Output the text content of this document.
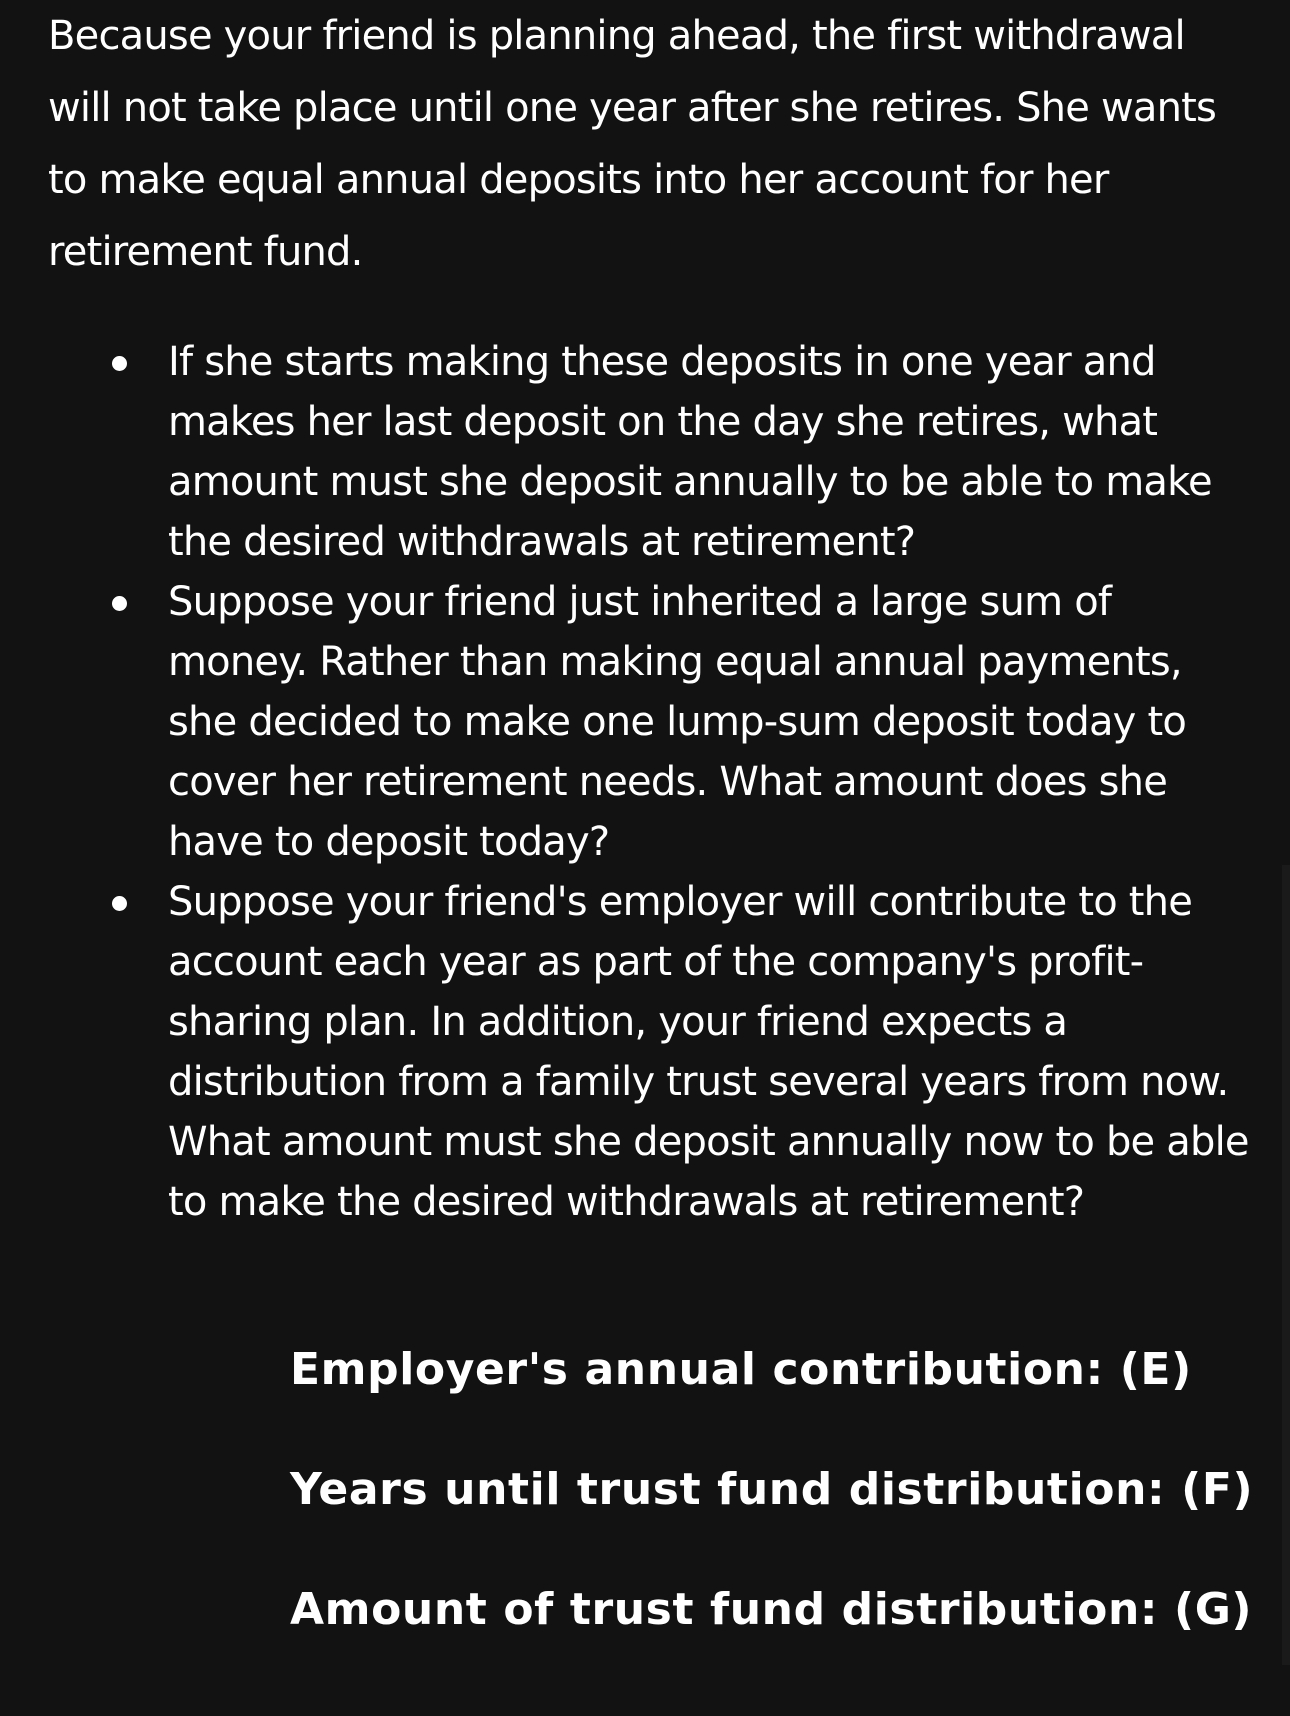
Because your friend is planning ahead, the first withdrawal will not take place until one year after she retires. She wants to make equal annual deposits into her account for her retirement fund.

If she starts making these deposits in one year and makes her last deposit on the day she retires, what amount must she deposit annually to be able to make the desired withdrawals at retirement?
Suppose your friend just inherited a large sum of money. Rather than making equal annual payments, she decided to make one lump-sum deposit today to cover her retirement needs. What amount does she have to deposit today?
Suppose your friend's employer will contribute to the account each year as part of the company's profit-sharing plan. In addition, your friend expects a distribution from a family trust several years from now. What amount must she deposit annually now to be able to make the desired withdrawals at retirement?
Employer's annual contribution: (E)
Years until trust fund distribution: (F)
Amount of trust fund distribution: (G)
